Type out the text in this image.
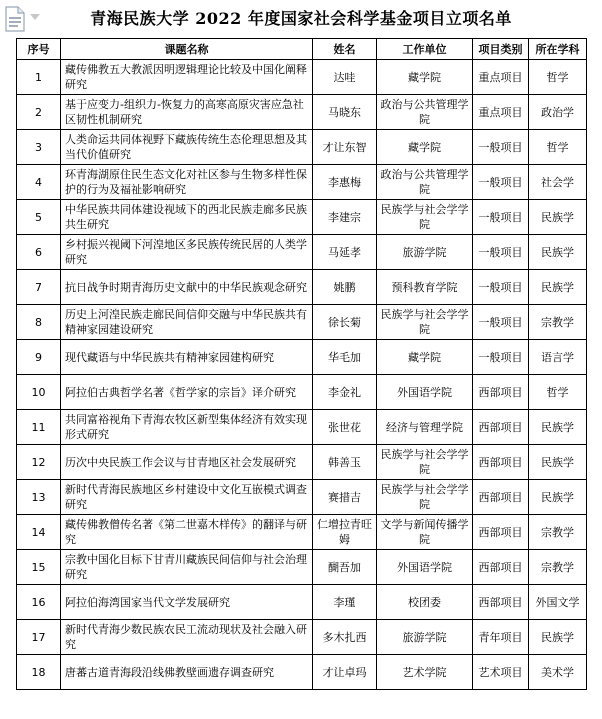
青海民族大学 2022 年度国家社会科学基金项目立项名单
序号	课题名称	姓名	工作单位	项目类别	所在学科
1	藏传佛教五大教派因明逻辑理论比较及中国化阐释研究	达哇	藏学院	重点项目	哲学
2	基于应变力-组织力-恢复力的高寒高原灾害应急社区韧性机制研究	马晓东	政治与公共管理学院	重点项目	政治学
3	人类命运共同体视野下藏族传统生态伦理思想及其当代价值研究	才让东智	藏学院	一般项目	哲学
4	环青海湖原住民生态文化对社区参与生物多样性保护的行为及福祉影响研究	李惠梅	政治与公共管理学院	一般项目	社会学
5	中华民族共同体建设视域下的西北民族走廊多民族共生研究	李建宗	民族学与社会学学院	一般项目	民族学
6	乡村振兴视阈下河湟地区多民族传统民居的人类学研究	马延孝	旅游学院	一般项目	民族学
7	抗日战争时期青海历史文献中的中华民族观念研究	姚鹏	预科教育学院	一般项目	民族学
8	历史上河湟民族走廊民间信仰交融与中华民族共有精神家园建设研究	徐长菊	民族学与社会学学院	一般项目	宗教学
9	现代藏语与中华民族共有精神家园建构研究	华毛加	藏学院	一般项目	语言学
10	阿拉伯古典哲学名著《哲学家的宗旨》译介研究	李金礼	外国语学院	西部项目	哲学
11	共同富裕视角下青海农牧区新型集体经济有效实现形式研究	张世花	经济与管理学院	西部项目	民族学
12	历次中央民族工作会议与甘青地区社会发展研究	韩善玉	民族学与社会学学院	西部项目	民族学
13	新时代青海民族地区乡村建设中文化互嵌模式调查研究	赛措吉	民族学与社会学学院	西部项目	民族学
14	藏传佛教僧传名著《第二世嘉木样传》的翻译与研究	仁增拉青旺姆	文学与新闻传播学院	西部项目	宗教学
15	宗教中国化目标下甘青川藏族民间信仰与社会治理研究	醐吾加	外国语学院	西部项目	宗教学
16	阿拉伯海湾国家当代文学发展研究	李瑾	校团委	西部项目	外国文学
17	新时代青海少数民族农民工流动现状及社会融入研究	多木扎西	旅游学院	青年项目	民族学
18	唐蕃古道青海段沿线佛教壁画遗存调查研究	才让卓玛	艺术学院	艺术项目	美术学
